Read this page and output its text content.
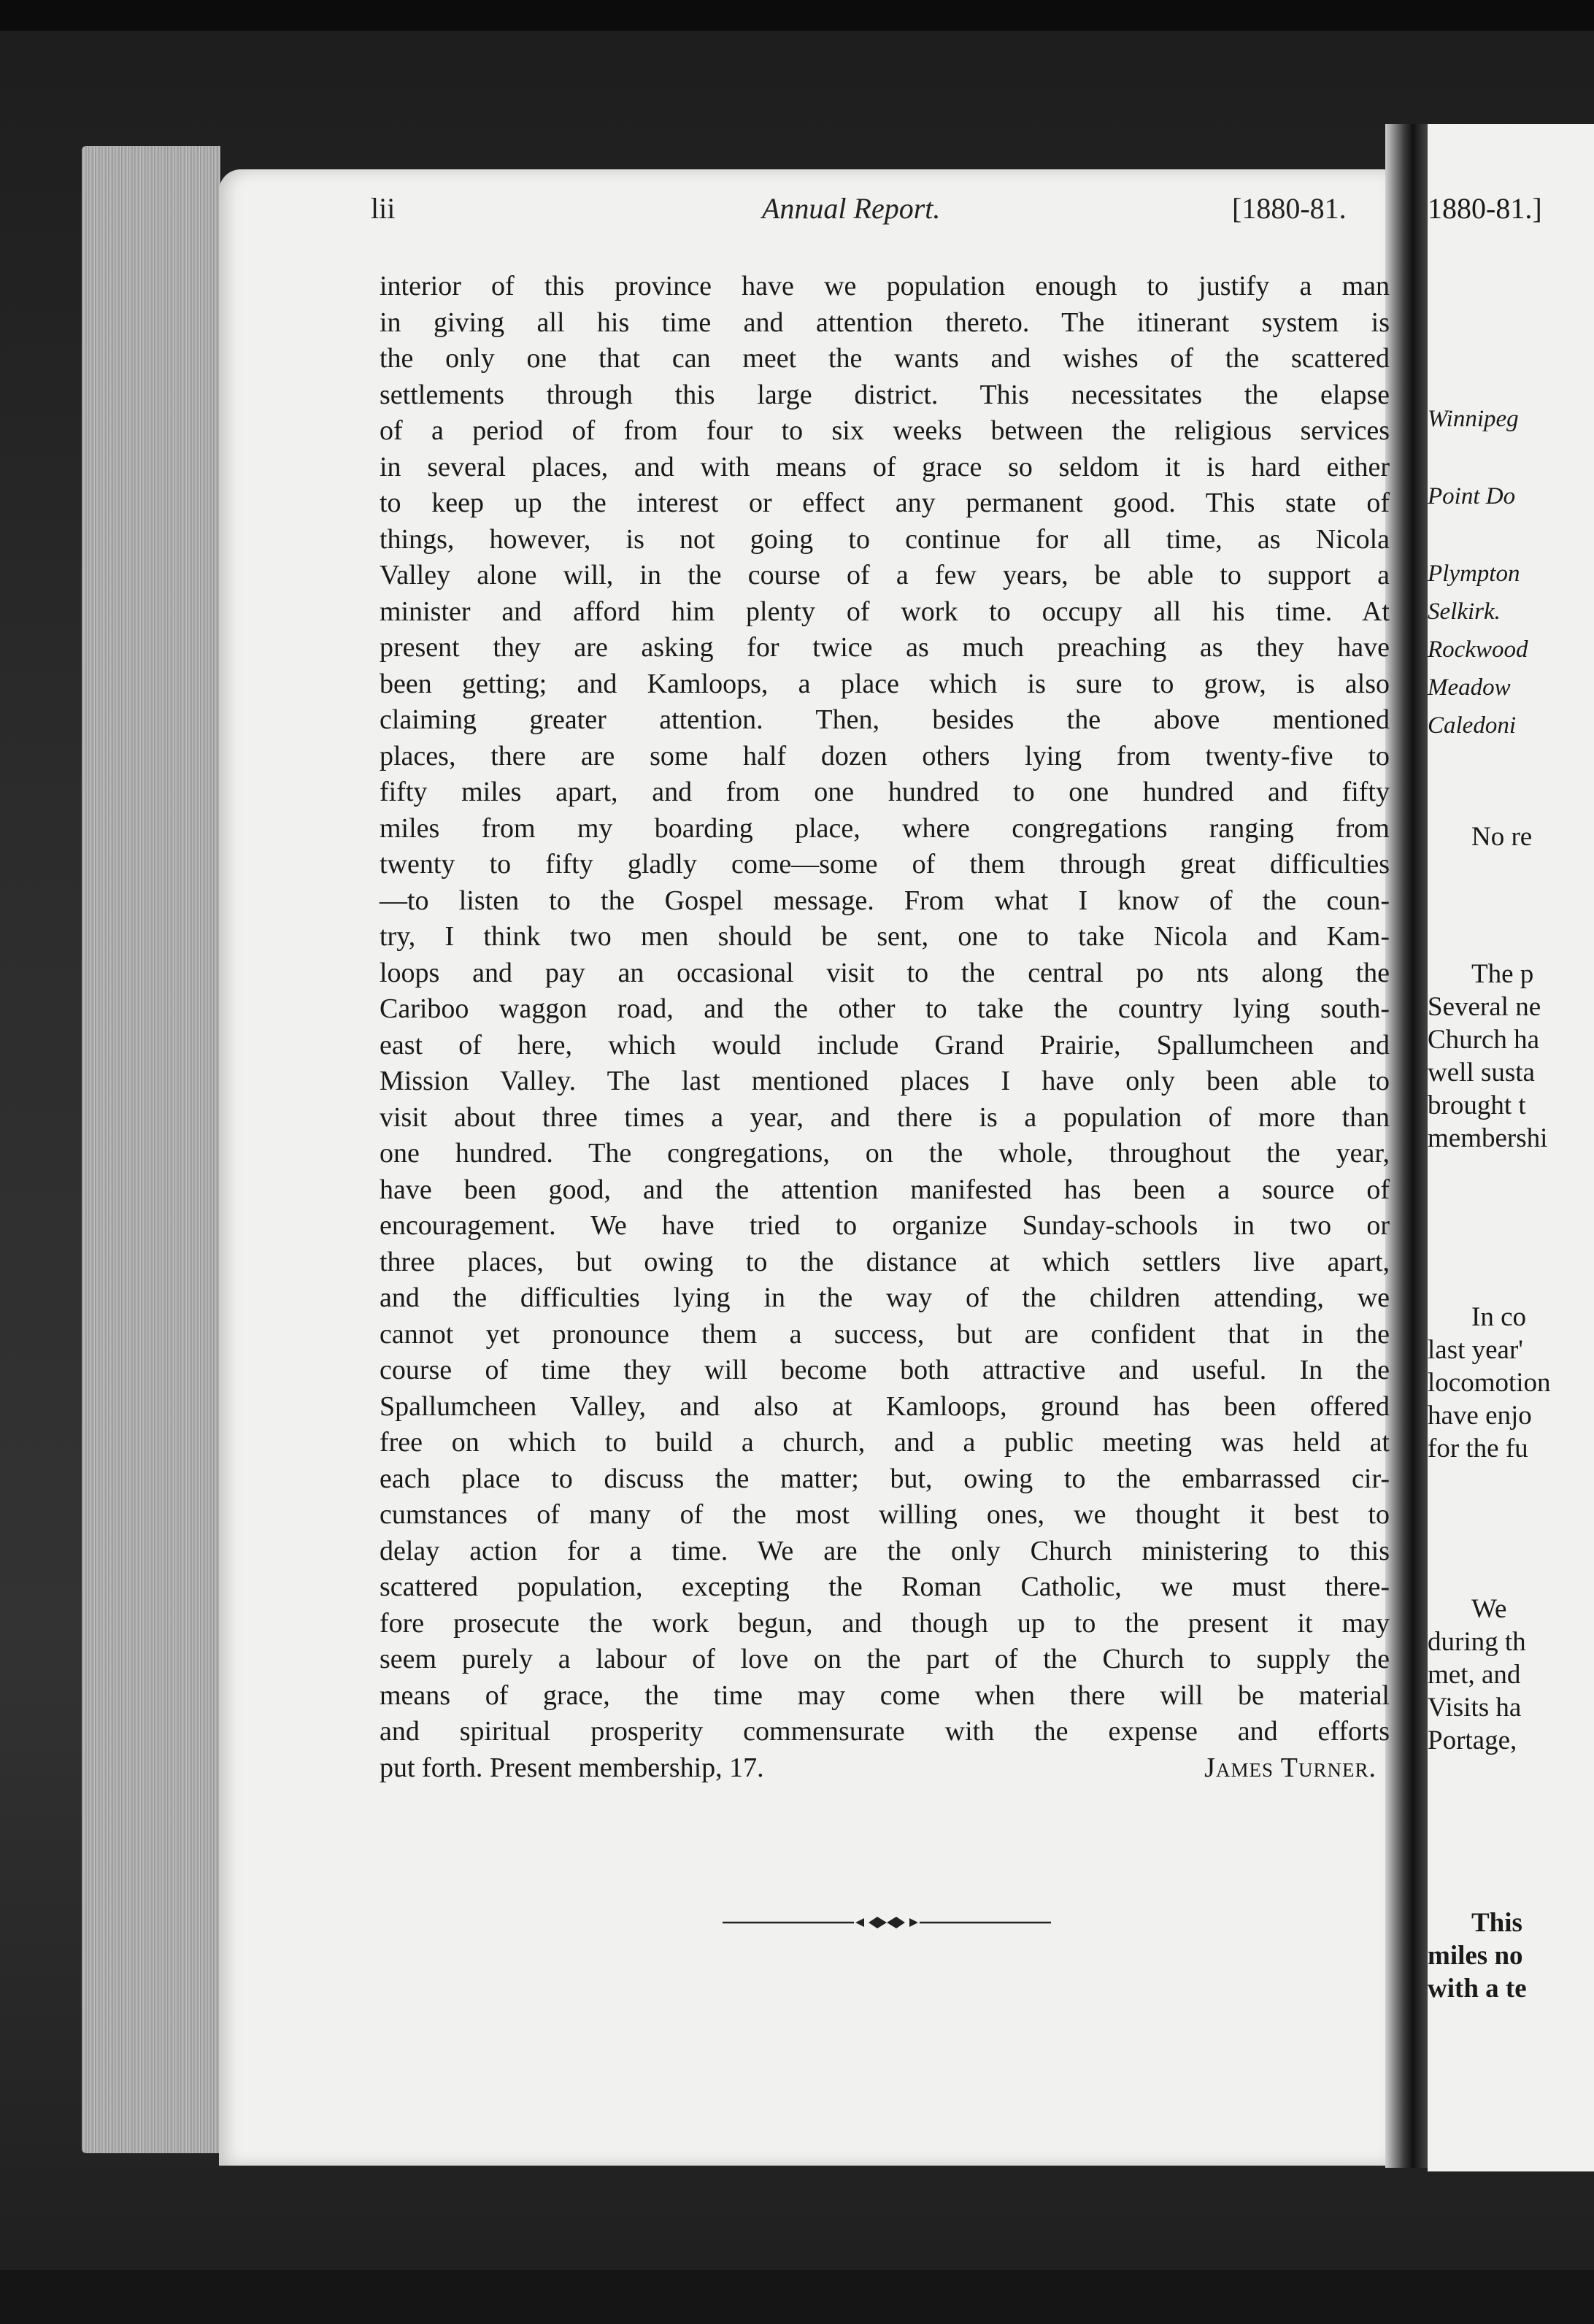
lii	Annual Report.	[1880-81.
interior of this province have we population enough to justify a man
in giving all his time and attention thereto. The itinerant system is
the only one that can meet the wants and wishes of the scattered
settlements through this large district. This necessitates the elapse
of a period of from four to six weeks between the religious services
in several places, and with means of grace so seldom it is hard either
to keep up the interest or effect any permanent good. This state of
things, however, is not going to continue for all time, as Nicola
Valley alone will, in the course of a few years, be able to support a
minister and afford him plenty of work to occupy all his time. At
present they are asking for twice as much preaching as they have
been getting; and Kamloops, a place which is sure to grow, is also
claiming greater attention. Then, besides the above mentioned
places, there are some half dozen others lying from twenty-five to
fifty miles apart, and from one hundred to one hundred and fifty
miles from my boarding place, where congregations ranging from
twenty to fifty gladly come—some of them through great difficulties
—to listen to the Gospel message. From what I know of the coun-
try, I think two men should be sent, one to take Nicola and Kam-
loops and pay an occasional visit to the central po nts along the
Cariboo waggon road, and the other to take the country lying south-
east of here, which would include Grand Prairie, Spallumcheen and
Mission Valley. The last mentioned places I have only been able to
visit about three times a year, and there is a population of more than
one hundred. The congregations, on the whole, throughout the year,
have been good, and the attention manifested has been a source of
encouragement. We have tried to organize Sunday-schools in two or
three places, but owing to the distance at which settlers live apart,
and the difficulties lying in the way of the children attending, we
cannot yet pronounce them a success, but are confident that in the
course of time they will become both attractive and useful. In the
Spallumcheen Valley, and also at Kamloops, ground has been offered
free on which to build a church, and a public meeting was held at
each place to discuss the matter; but, owing to the embarrassed cir-
cumstances of many of the most willing ones, we thought it best to
delay action for a time. We are the only Church ministering to this
scattered population, excepting the Roman Catholic, we must there-
fore prosecute the work begun, and though up to the present it may
seem purely a labour of love on the part of the Church to supply the
means of grace, the time may come when there will be material
and spiritual prosperity commensurate with the expense and efforts
put forth. Present membership, 17.	James Turner.
1880-81.]
Winnipeg
Point Do
Plympton
Selkirk.
Rockwood
Meadow
Caledoni
No re
The p
Several ne
Church ha
well susta
brought t
membershi
In co
last year'
locomotion
have enjo
for the fu
We
during th
met, and
Visits ha
Portage,
This
miles no
with a te
